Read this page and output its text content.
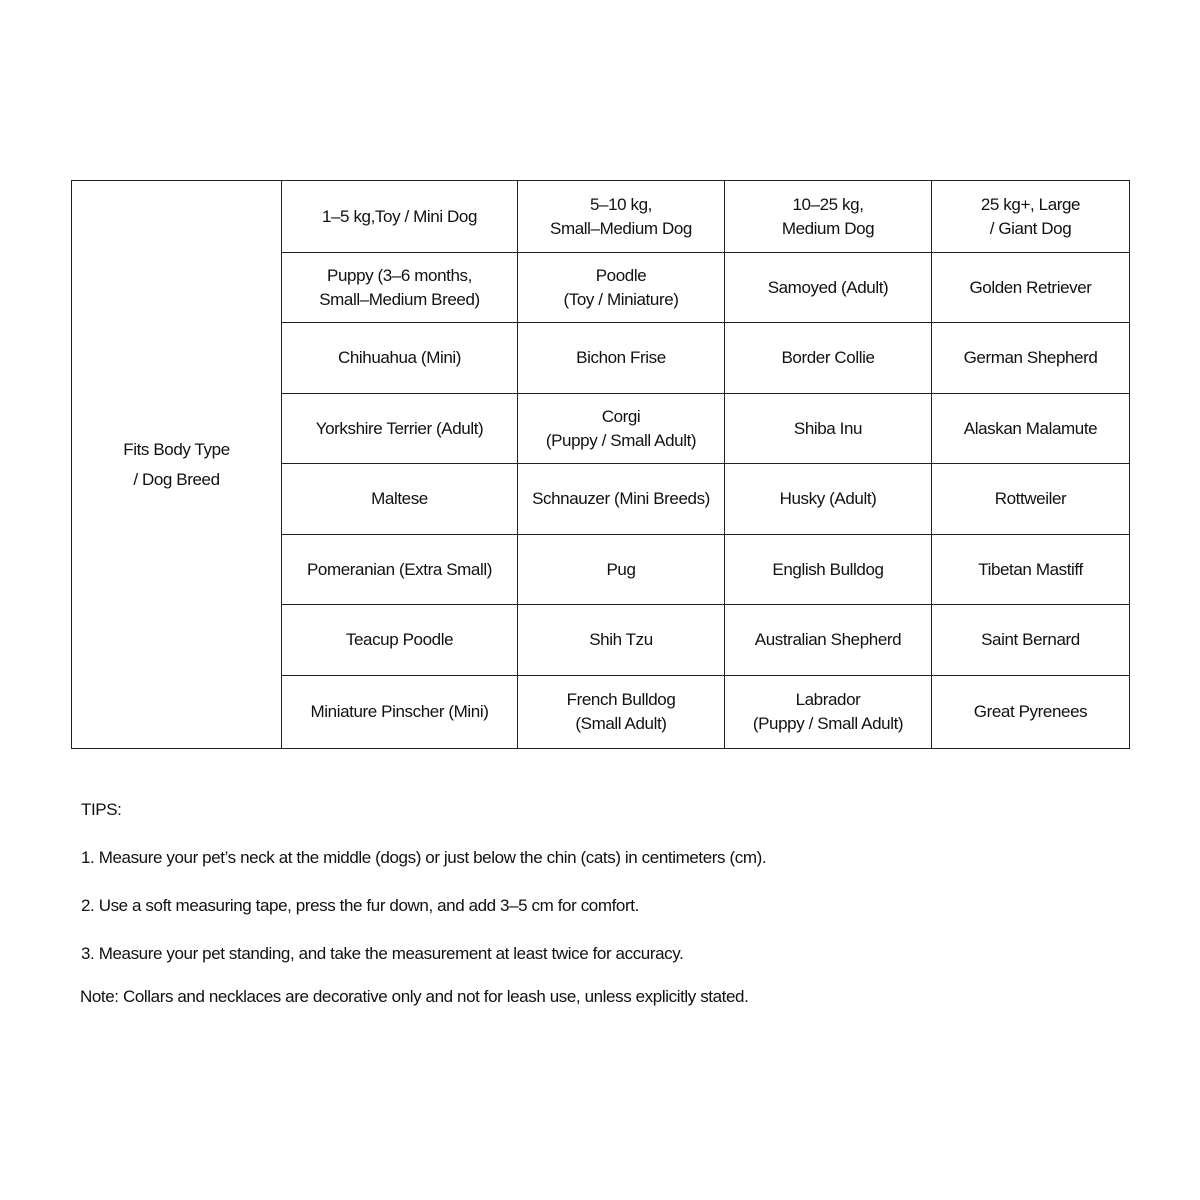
Fits Body Type
/ Dog Breed	1–5 kg,Toy / Mini Dog	5–10 kg,
Small–Medium Dog	10–25 kg,
Medium Dog	25 kg+, Large
/ Giant Dog

	Puppy (3–6 months,
Small–Medium Breed)	Poodle
(Toy / Miniature)	Samoyed (Adult)	Golden Retriever

	Chihuahua (Mini)	Bichon Frise	Border Collie	German Shepherd

	Yorkshire Terrier (Adult)	Corgi
(Puppy / Small Adult)	Shiba Inu	Alaskan Malamute

	Maltese	Schnauzer (Mini Breeds)	Husky (Adult)	Rottweiler

	Pomeranian (Extra Small)	Pug	English Bulldog	Tibetan Mastiff

	Teacup Poodle	Shih Tzu	Australian Shepherd	Saint Bernard

	Miniature Pinscher (Mini)	French Bulldog
(Small Adult)	Labrador
(Puppy / Small Adult)	Great Pyrenees

TIPS:

1. Measure your pet’s neck at the middle (dogs) or just below the chin (cats) in centimeters (cm).

2. Use a soft measuring tape, press the fur down, and add 3–5 cm for comfort.

3. Measure your pet standing, and take the measurement at least twice for accuracy.

Note: Collars and necklaces are decorative only and not for leash use, unless explicitly stated.
